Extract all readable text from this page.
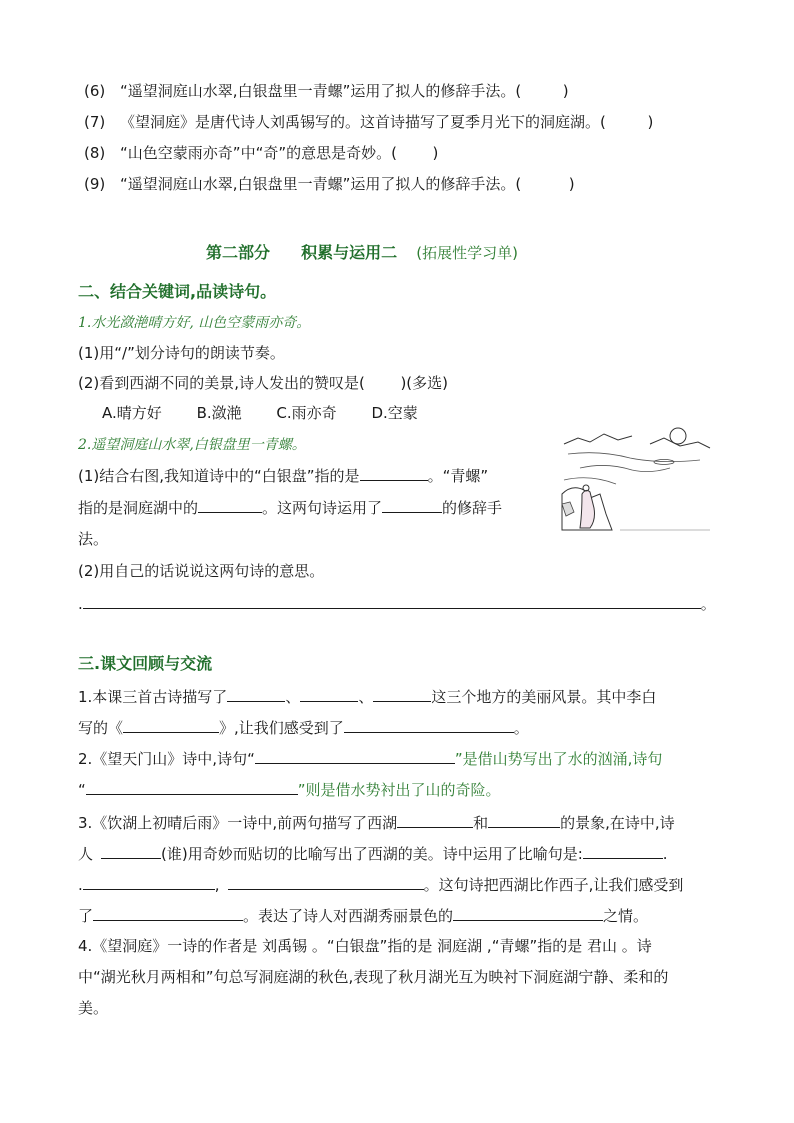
(6) “遥望洞庭山水翠,白银盘里一青螺”运用了拟人的修辞手法。(	)
(7) 《望洞庭》是唐代诗人刘禹锡写的。这首诗描写了夏季月光下的洞庭湖。(	)
(8) “山色空蒙雨亦奇”中“奇”的意思是奇妙。( )
(9) “遥望洞庭山水翠,白银盘里一青螺”运用了拟人的修辞手法。(	)
第二部分 积累与运用二 (拓展性学习单)
二、结合关键词,品读诗句。
1.水光潋滟晴方好, 山色空蒙雨亦奇。
(1)用“/”划分诗句的朗读节奏。
(2)看到西湖不同的美景,诗人发出的赞叹是( )(多选)
A.晴方好 B.潋滟 C.雨亦奇 D.空蒙
2.遥望洞庭山水翠,白银盘里一青螺。
(1)结合右图,我知道诗中的“白银盘”指的是	。“青螺”
指的是洞庭湖中的	。这两句诗运用了	的修辞手
法。
(2)用自己的话说说这两句诗的意思。
.	。
三.课文回顾与交流
1.本课三首古诗描写了	、	、	这三个地方的美丽风景。其中李白
写的《	》,让我们感受到了	。
2.《望天门山》诗中,诗句“	”是借山势写出了水的汹涌,诗句
“	”则是借水势衬出了山的奇险。
3.《饮湖上初晴后雨》一诗中,前两句描写了西湖	和	的景象,在诗中,诗
人	(谁)用奇妙而贴切的比喻写出了西湖的美。诗中运用了比喻句是:	.
.	,	。这句诗把西湖比作西子,让我们感受到
了	。表达了诗人对西湖秀丽景色的	之情。
4.《望洞庭》一诗的作者是 刘禹锡 。“白银盘”指的是 洞庭湖 ,“青螺”指的是 君山 。诗
中“湖光秋月两相和”句总写洞庭湖的秋色,表现了秋月湖光互为映衬下洞庭湖宁静、柔和的
美。
